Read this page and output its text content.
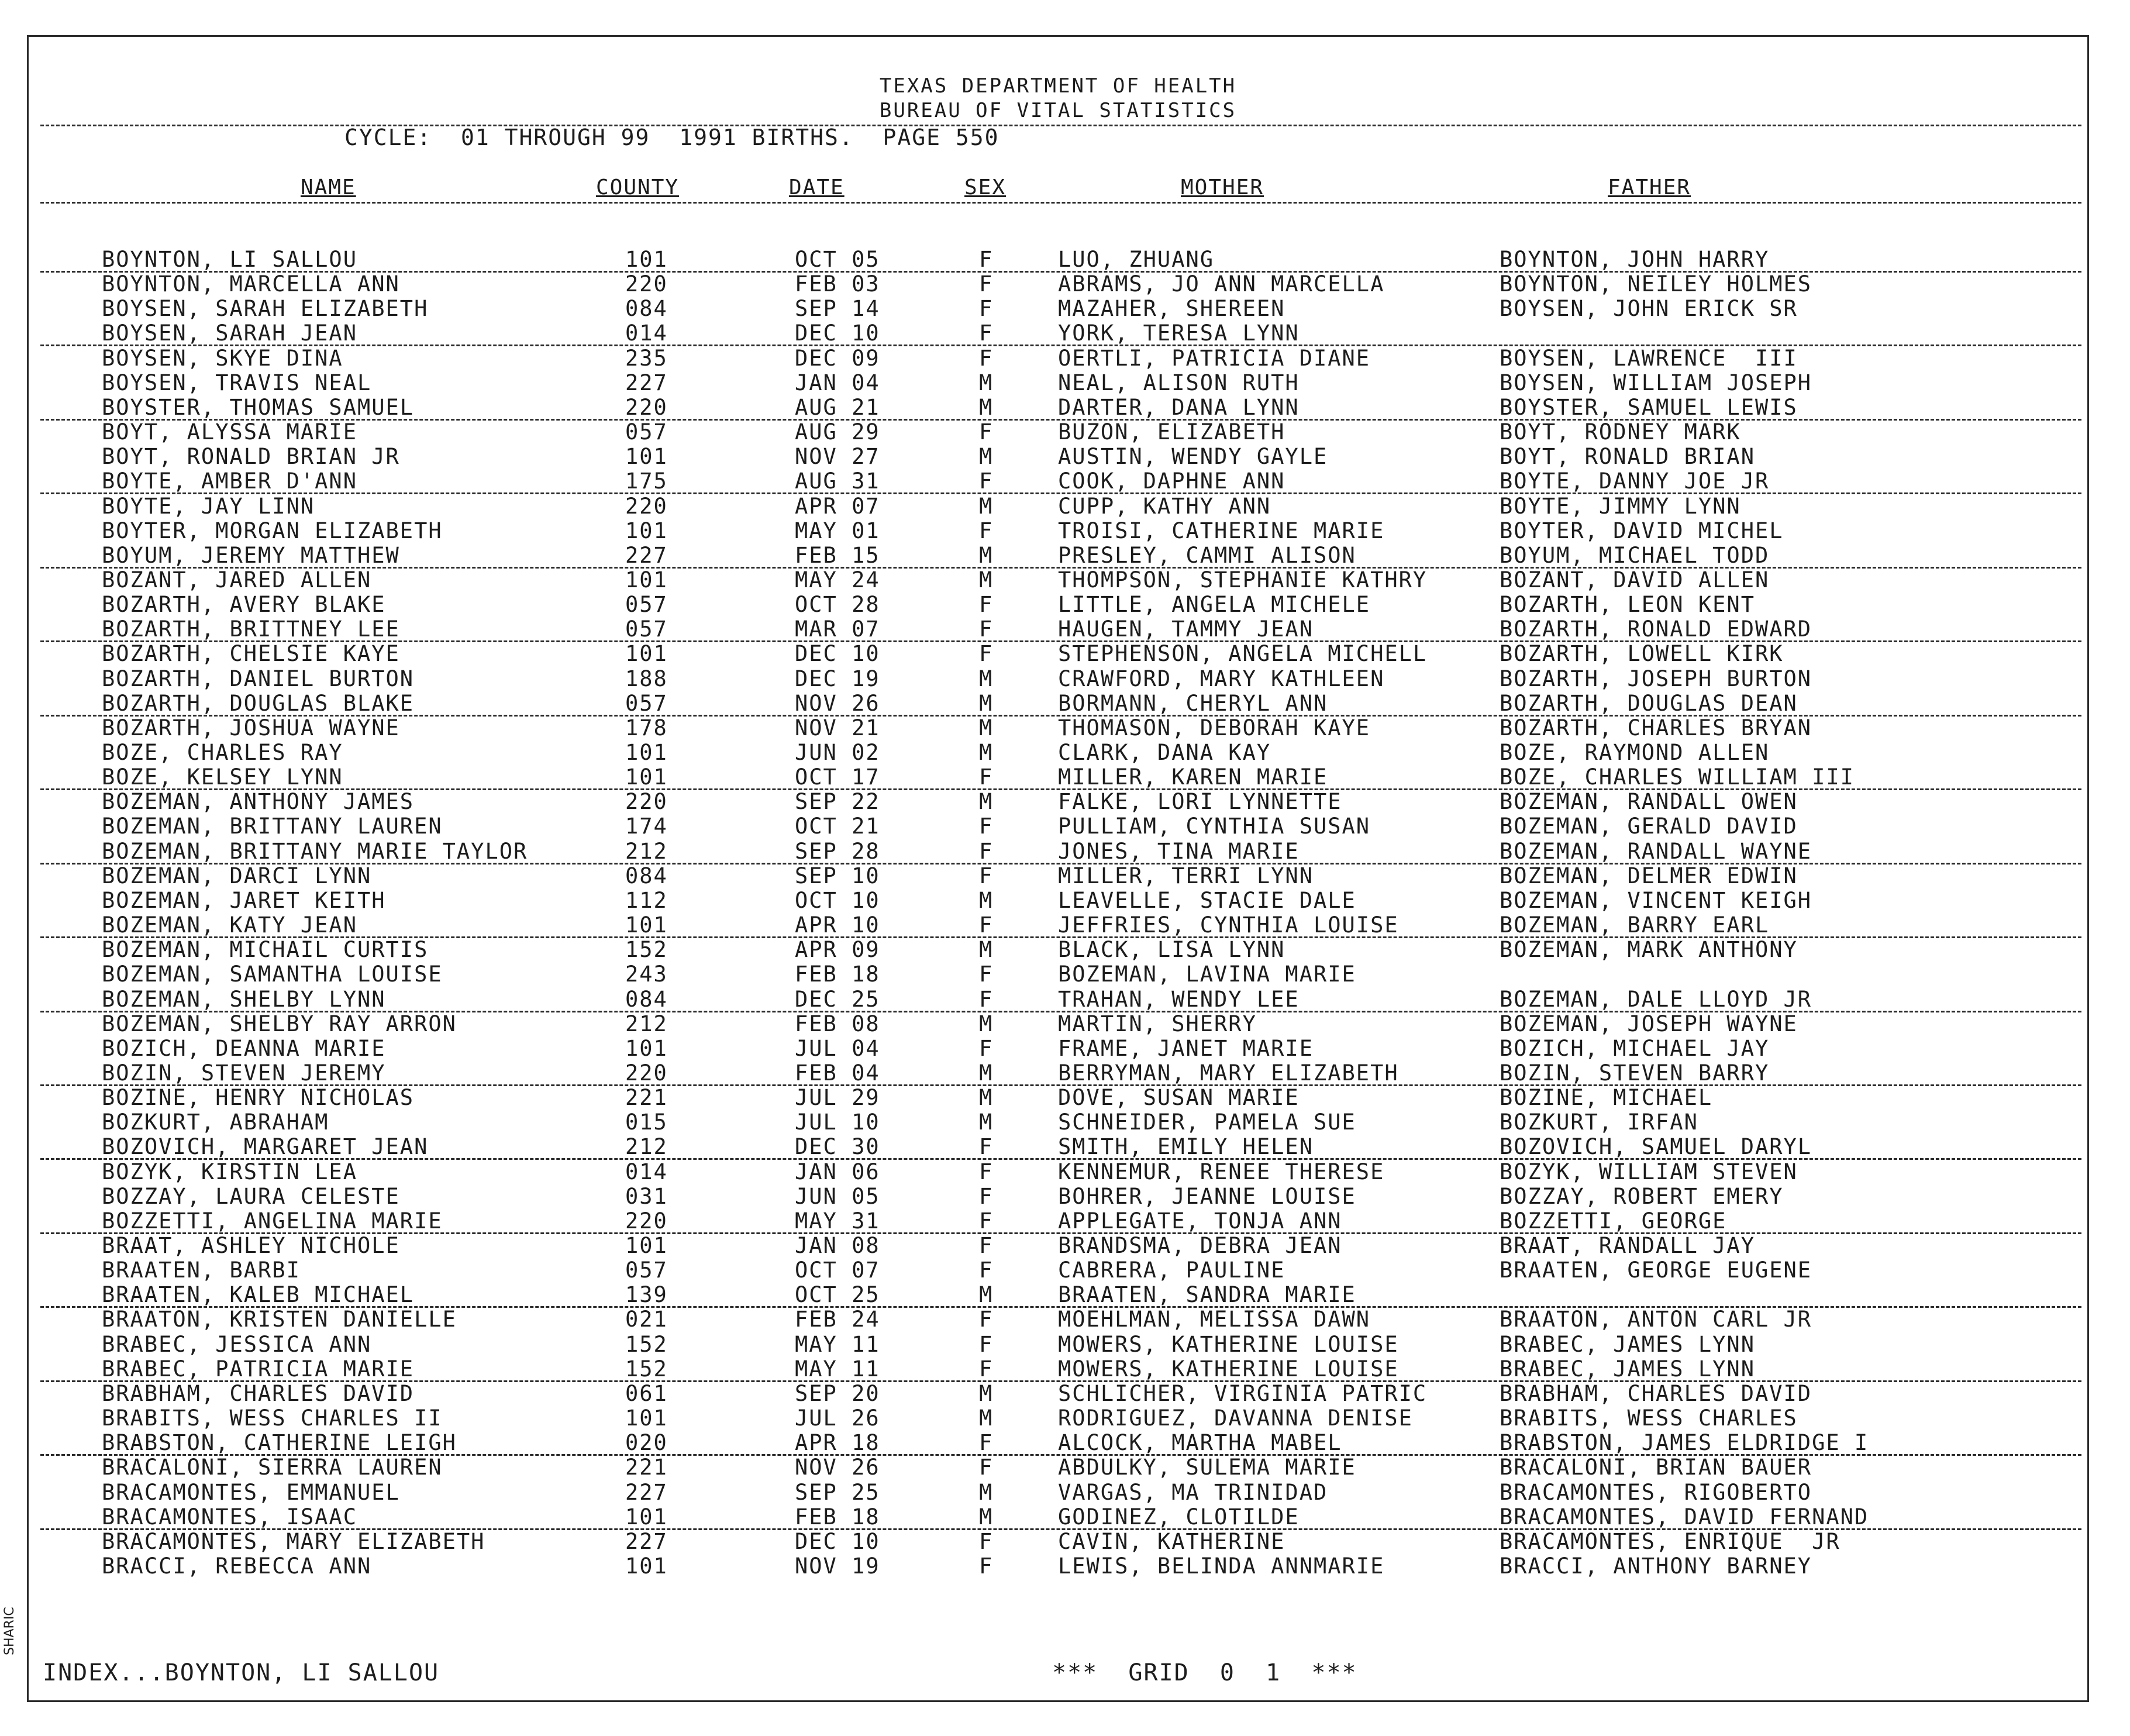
TEXAS DEPARTMENT OF HEALTH
BUREAU OF VITAL STATISTICS
CYCLE:  01 THROUGH 99  1991 BIRTHS.  PAGE 550
NAME	COUNTY	DATE	SEX	MOTHER	FATHER
BOYNTON, LI SALLOU	101	OCT 05	F	LUO, ZHUANG	BOYNTON, JOHN HARRY
BOYNTON, MARCELLA ANN	220	FEB 03	F	ABRAMS, JO ANN MARCELLA	BOYNTON, NEILEY HOLMES
BOYSEN, SARAH ELIZABETH	084	SEP 14	F	MAZAHER, SHEREEN	BOYSEN, JOHN ERICK SR
BOYSEN, SARAH JEAN	014	DEC 10	F	YORK, TERESA LYNN
BOYSEN, SKYE DINA	235	DEC 09	F	OERTLI, PATRICIA DIANE	BOYSEN, LAWRENCE  III
BOYSEN, TRAVIS NEAL	227	JAN 04	M	NEAL, ALISON RUTH	BOYSEN, WILLIAM JOSEPH
BOYSTER, THOMAS SAMUEL	220	AUG 21	M	DARTER, DANA LYNN	BOYSTER, SAMUEL LEWIS
BOYT, ALYSSA MARIE	057	AUG 29	F	BUZON, ELIZABETH	BOYT, RODNEY MARK
BOYT, RONALD BRIAN JR	101	NOV 27	M	AUSTIN, WENDY GAYLE	BOYT, RONALD BRIAN
BOYTE, AMBER D'ANN	175	AUG 31	F	COOK, DAPHNE ANN	BOYTE, DANNY JOE JR
BOYTE, JAY LINN	220	APR 07	M	CUPP, KATHY ANN	BOYTE, JIMMY LYNN
BOYTER, MORGAN ELIZABETH	101	MAY 01	F	TROISI, CATHERINE MARIE	BOYTER, DAVID MICHEL
BOYUM, JEREMY MATTHEW	227	FEB 15	M	PRESLEY, CAMMI ALISON	BOYUM, MICHAEL TODD
BOZANT, JARED ALLEN	101	MAY 24	M	THOMPSON, STEPHANIE KATHRY	BOZANT, DAVID ALLEN
BOZARTH, AVERY BLAKE	057	OCT 28	F	LITTLE, ANGELA MICHELE	BOZARTH, LEON KENT
BOZARTH, BRITTNEY LEE	057	MAR 07	F	HAUGEN, TAMMY JEAN	BOZARTH, RONALD EDWARD
BOZARTH, CHELSIE KAYE	101	DEC 10	F	STEPHENSON, ANGELA MICHELL	BOZARTH, LOWELL KIRK
BOZARTH, DANIEL BURTON	188	DEC 19	M	CRAWFORD, MARY KATHLEEN	BOZARTH, JOSEPH BURTON
BOZARTH, DOUGLAS BLAKE	057	NOV 26	M	BORMANN, CHERYL ANN	BOZARTH, DOUGLAS DEAN
BOZARTH, JOSHUA WAYNE	178	NOV 21	M	THOMASON, DEBORAH KAYE	BOZARTH, CHARLES BRYAN
BOZE, CHARLES RAY	101	JUN 02	M	CLARK, DANA KAY	BOZE, RAYMOND ALLEN
BOZE, KELSEY LYNN	101	OCT 17	F	MILLER, KAREN MARIE	BOZE, CHARLES WILLIAM III
BOZEMAN, ANTHONY JAMES	220	SEP 22	M	FALKE, LORI LYNNETTE	BOZEMAN, RANDALL OWEN
BOZEMAN, BRITTANY LAUREN	174	OCT 21	F	PULLIAM, CYNTHIA SUSAN	BOZEMAN, GERALD DAVID
BOZEMAN, BRITTANY MARIE TAYLOR	212	SEP 28	F	JONES, TINA MARIE	BOZEMAN, RANDALL WAYNE
BOZEMAN, DARCI LYNN	084	SEP 10	F	MILLER, TERRI LYNN	BOZEMAN, DELMER EDWIN
BOZEMAN, JARET KEITH	112	OCT 10	M	LEAVELLE, STACIE DALE	BOZEMAN, VINCENT KEIGH
BOZEMAN, KATY JEAN	101	APR 10	F	JEFFRIES, CYNTHIA LOUISE	BOZEMAN, BARRY EARL
BOZEMAN, MICHAIL CURTIS	152	APR 09	M	BLACK, LISA LYNN	BOZEMAN, MARK ANTHONY
BOZEMAN, SAMANTHA LOUISE	243	FEB 18	F	BOZEMAN, LAVINA MARIE
BOZEMAN, SHELBY LYNN	084	DEC 25	F	TRAHAN, WENDY LEE	BOZEMAN, DALE LLOYD JR
BOZEMAN, SHELBY RAY ARRON	212	FEB 08	M	MARTIN, SHERRY	BOZEMAN, JOSEPH WAYNE
BOZICH, DEANNA MARIE	101	JUL 04	F	FRAME, JANET MARIE	BOZICH, MICHAEL JAY
BOZIN, STEVEN JEREMY	220	FEB 04	M	BERRYMAN, MARY ELIZABETH	BOZIN, STEVEN BARRY
BOZINE, HENRY NICHOLAS	221	JUL 29	M	DOVE, SUSAN MARIE	BOZINE, MICHAEL
BOZKURT, ABRAHAM	015	JUL 10	M	SCHNEIDER, PAMELA SUE	BOZKURT, IRFAN
BOZOVICH, MARGARET JEAN	212	DEC 30	F	SMITH, EMILY HELEN	BOZOVICH, SAMUEL DARYL
BOZYK, KIRSTIN LEA	014	JAN 06	F	KENNEMUR, RENEE THERESE	BOZYK, WILLIAM STEVEN
BOZZAY, LAURA CELESTE	031	JUN 05	F	BOHRER, JEANNE LOUISE	BOZZAY, ROBERT EMERY
BOZZETTI, ANGELINA MARIE	220	MAY 31	F	APPLEGATE, TONJA ANN	BOZZETTI, GEORGE
BRAAT, ASHLEY NICHOLE	101	JAN 08	F	BRANDSMA, DEBRA JEAN	BRAAT, RANDALL JAY
BRAATEN, BARBI	057	OCT 07	F	CABRERA, PAULINE	BRAATEN, GEORGE EUGENE
BRAATEN, KALEB MICHAEL	139	OCT 25	M	BRAATEN, SANDRA MARIE
BRAATON, KRISTEN DANIELLE	021	FEB 24	F	MOEHLMAN, MELISSA DAWN	BRAATON, ANTON CARL JR
BRABEC, JESSICA ANN	152	MAY 11	F	MOWERS, KATHERINE LOUISE	BRABEC, JAMES LYNN
BRABEC, PATRICIA MARIE	152	MAY 11	F	MOWERS, KATHERINE LOUISE	BRABEC, JAMES LYNN
BRABHAM, CHARLES DAVID	061	SEP 20	M	SCHLICHER, VIRGINIA PATRIC	BRABHAM, CHARLES DAVID
BRABITS, WESS CHARLES II	101	JUL 26	M	RODRIGUEZ, DAVANNA DENISE	BRABITS, WESS CHARLES
BRABSTON, CATHERINE LEIGH	020	APR 18	F	ALCOCK, MARTHA MABEL	BRABSTON, JAMES ELDRIDGE I
BRACALONI, SIERRA LAUREN	221	NOV 26	F	ABDULKY, SULEMA MARIE	BRACALONI, BRIAN BAUER
BRACAMONTES, EMMANUEL	227	SEP 25	M	VARGAS, MA TRINIDAD	BRACAMONTES, RIGOBERTO
BRACAMONTES, ISAAC	101	FEB 18	M	GODINEZ, CLOTILDE	BRACAMONTES, DAVID FERNAND
BRACAMONTES, MARY ELIZABETH	227	DEC 10	F	CAVIN, KATHERINE	BRACAMONTES, ENRIQUE  JR
BRACCI, REBECCA ANN	101	NOV 19	F	LEWIS, BELINDA ANNMARIE	BRACCI, ANTHONY BARNEY
INDEX...BOYNTON, LI SALLOU	***  GRID  0  1  ***
SHARIC
